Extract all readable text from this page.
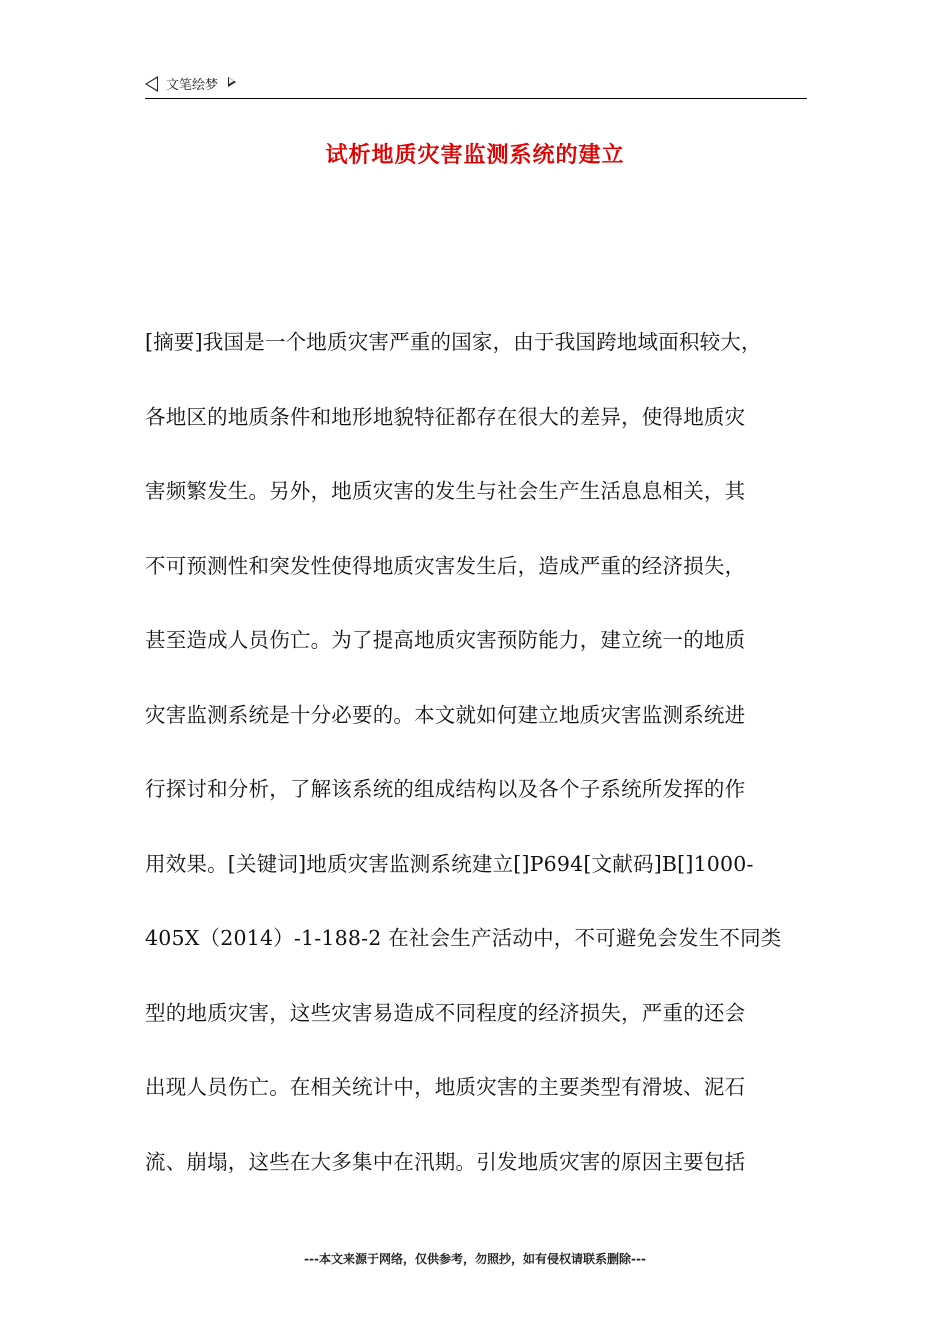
文笔绘梦
试析地质灾害监测系统的建立
[摘要]我国是一个地质灾害严重的国家，由于我国跨地域面积较大，
各地区的地质条件和地形地貌特征都存在很大的差异，使得地质灾
害频繁发生。另外，地质灾害的发生与社会生产生活息息相关，其
不可预测性和突发性使得地质灾害发生后，造成严重的经济损失，
甚至造成人员伤亡。为了提高地质灾害预防能力，建立统一的地质
灾害监测系统是十分必要的。本文就如何建立地质灾害监测系统进
行探讨和分析，了解该系统的组成结构以及各个子系统所发挥的作
用效果。[关键词]地质灾害监测系统建立[]P694[文献码]B[]1000-
405X（2014）-1-188-2 在社会生产活动中，不可避免会发生不同类
型的地质灾害，这些灾害易造成不同程度的经济损失，严重的还会
出现人员伤亡。在相关统计中，地质灾害的主要类型有滑坡、泥石
流、崩塌，这些在大多集中在汛期。引发地质灾害的原因主要包括
---本文来源于网络，仅供参考，勿照抄，如有侵权请联系删除---
